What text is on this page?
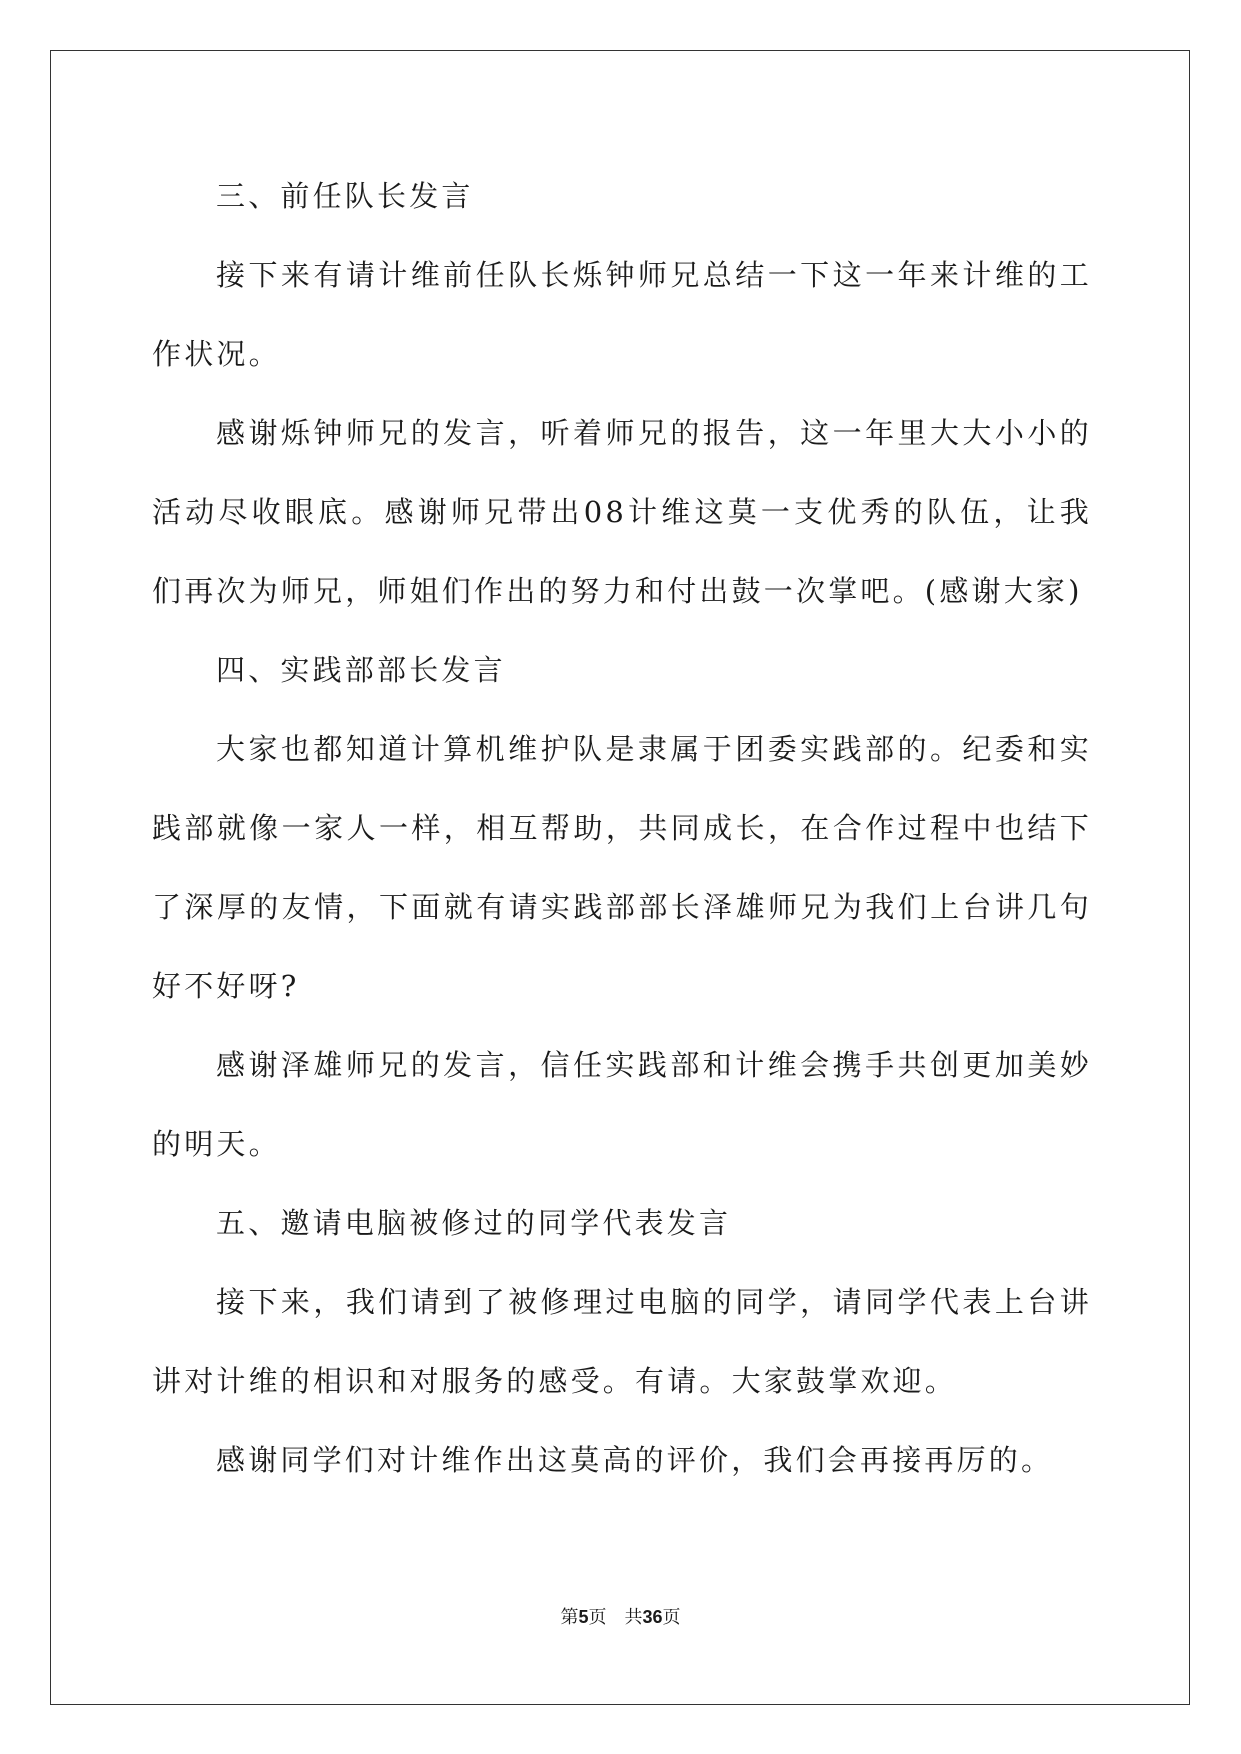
三、前任队长发言

接下来有请计维前任队长烁钟师兄总结一下这一年来计维的工作状况。

感谢烁钟师兄的发言，听着师兄的报告，这一年里大大小小的活动尽收眼底。感谢师兄带出08计维这莫一支优秀的队伍，让我们再次为师兄，师姐们作出的努力和付出鼓一次掌吧。(感谢大家)

四、实践部部长发言

大家也都知道计算机维护队是隶属于团委实践部的。纪委和实践部就像一家人一样，相互帮助，共同成长，在合作过程中也结下了深厚的友情，下面就有请实践部部长泽雄师兄为我们上台讲几句好不好呀?

感谢泽雄师兄的发言，信任实践部和计维会携手共创更加美妙的明天。

五、邀请电脑被修过的同学代表发言

接下来，我们请到了被修理过电脑的同学，请同学代表上台讲讲对计维的相识和对服务的感受。有请。大家鼓掌欢迎。

感谢同学们对计维作出这莫高的评价，我们会再接再厉的。

第5页 共36页
